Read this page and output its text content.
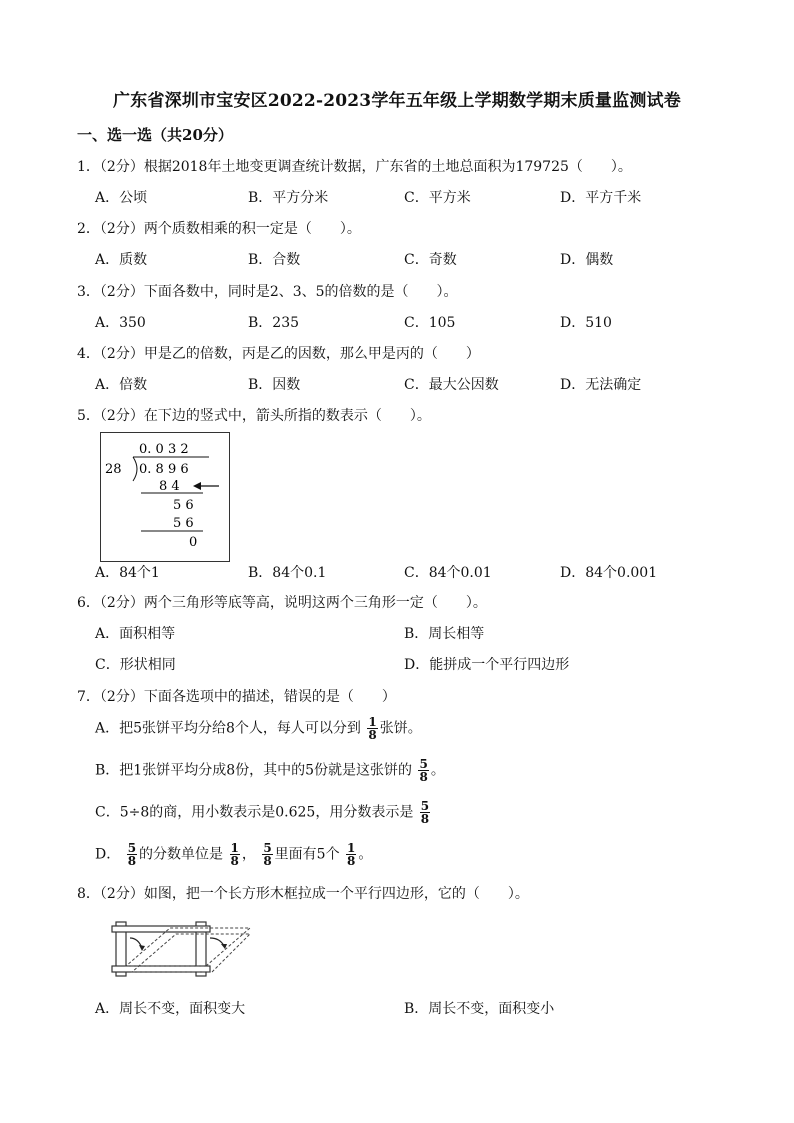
广东省深圳市宝安区2022-2023学年五年级上学期数学期末质量监测试卷
一、选一选（共20分）
1．（2分）根据2018年土地变更调查统计数据，广东省的土地总面积为179725（　　）。
A．公顷	B．平方分米	C．平方米	D．平方千米
2．（2分）两个质数相乘的积一定是（　　）。
A．质数	B．合数	C．奇数	D．偶数
3．（2分）下面各数中，同时是2、3、5的倍数的是（　　）。
A．350	B．235	C．105	D．510
4．（2分）甲是乙的倍数，丙是乙的因数，那么甲是丙的（　　）
A．倍数	B．因数	C．最大公因数	D．无法确定
5．（2分）在下边的竖式中，箭头所指的数表示（　　）。
0. 0 3 2
28 0. 8 9 6
8 4
5 6
5 6
0
A．84个1	B．84个0.1	C．84个0.01	D．84个0.001
6．（2分）两个三角形等底等高，说明这两个三角形一定（　　）。
A．面积相等	B．周长相等
C．形状相同	D．能拼成一个平行四边形
7．（2分）下面各选项中的描述，错误的是（　　）
A．把5张饼平均分给8个人，每人可以分到 $\frac{1}{8}$ 张饼。
B．把1张饼平均分成8份，其中的5份就是这张饼的 $\frac{5}{8}$ 。
C．5÷8的商，用小数表示是0.625，用分数表示是 $\frac{5}{8}$
D． $\frac{5}{8}$ 的分数单位是 $\frac{1}{8}$ ， $\frac{5}{8}$ 里面有5个 $\frac{1}{8}$ 。
8．（2分）如图，把一个长方形木框拉成一个平行四边形，它的（　　）。
A．周长不变，面积变大	B．周长不变，面积变小
